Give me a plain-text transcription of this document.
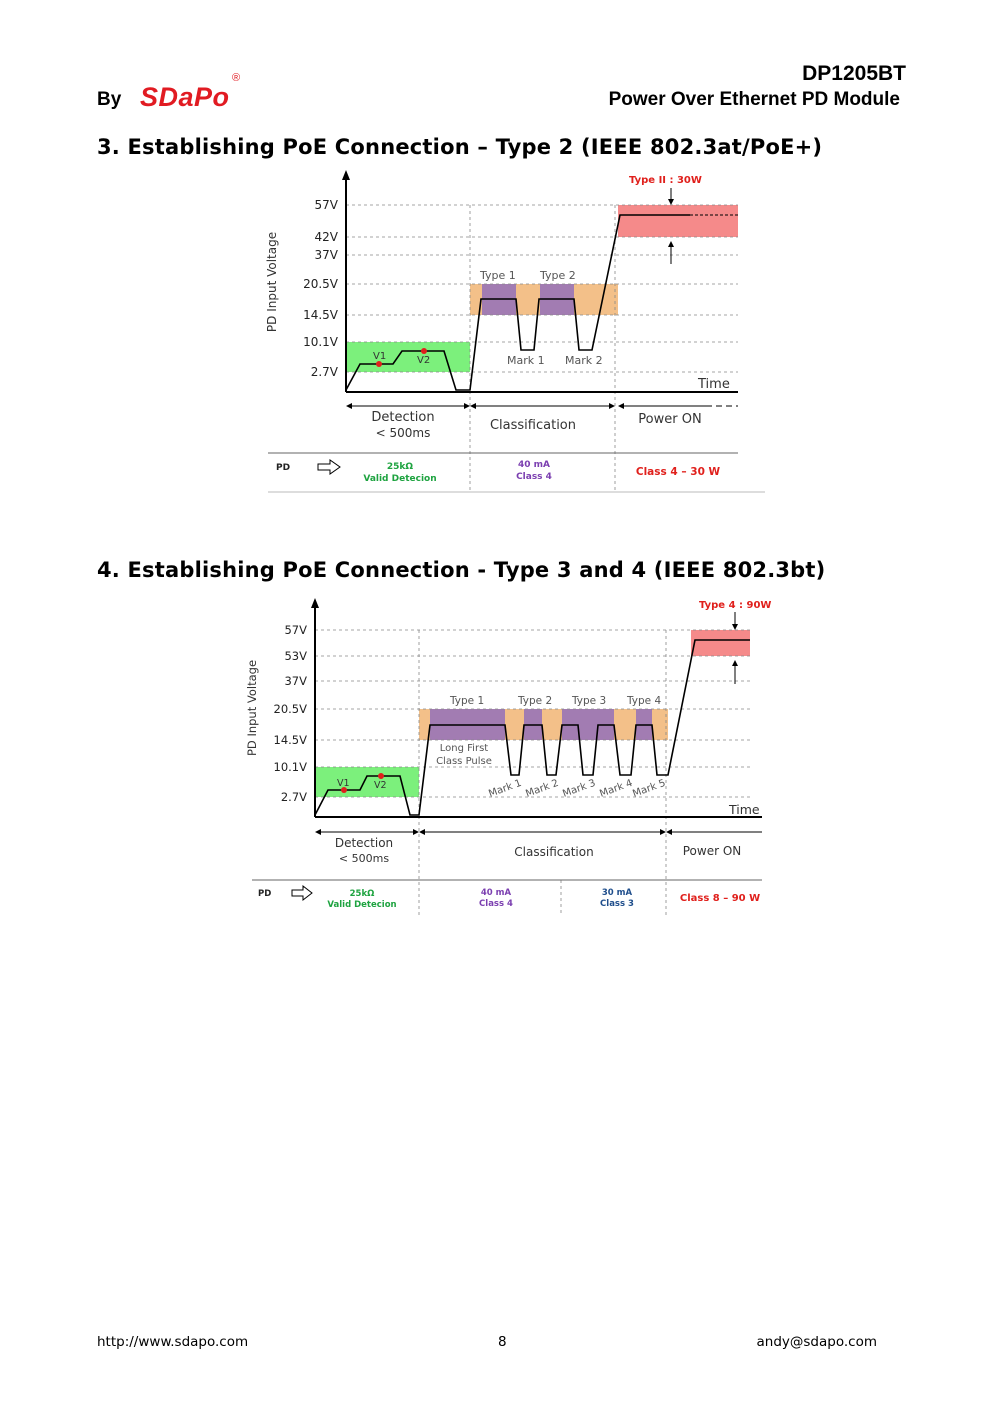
By SDaPo
®	DP1205BT
Power Over Ethernet PD Module
3. Establishing PoE Connection – Type 2 (IEEE 802.3at/PoE+)
57V
42V
37V
20.5V
14.5V
10.1V
2.7V
PD Input Voltage
Time
V1	V2
Type 1 Type 2
Mark 1 Mark 2
Type II : 30W
Detection
< 500ms	Classification	Power ON
PD	25kΩ
Valid Detecion
40 mA
Class 4	Class 4 – 30 W
57V
53V
37V
20.5V
14.5V
10.1V
2.7V
PD Input Voltage
Time
V1	V2
Type 1	Type 2 Type 3 Type 4
Long First
Class Pulse
Mark 1 Mark 2 Mark 3 Mark 4
Mark 5
Type 4 : 90W
Detection
< 500ms	Classification	Power ON
PD	25kΩ
Valid Detecion
40 mA
Class 4
30 mA
Class 3	Class 8 – 90 W
4. Establishing PoE Connection ‐ Type 3 and 4 (IEEE 802.3bt)
http://www.sdapo.com	8	andy@sdapo.com
